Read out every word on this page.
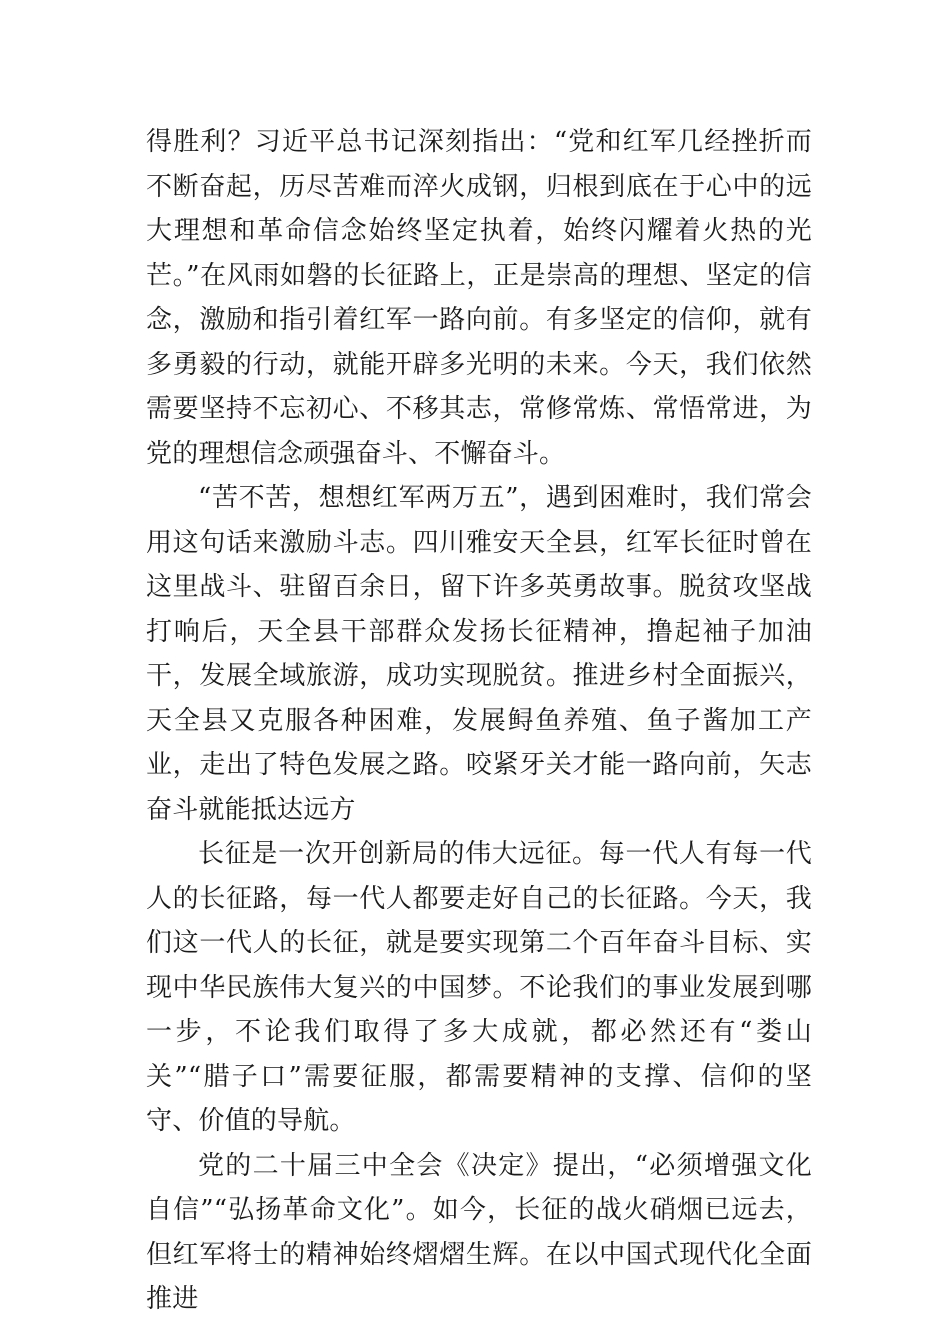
得胜利？习近平总书记深刻指出：“党和红军几经挫折而不断奋起，历尽苦难而淬火成钢，归根到底在于心中的远大理想和革命信念始终坚定执着，始终闪耀着火热的光芒。”在风雨如磐的长征路上，正是崇高的理想、坚定的信念，激励和指引着红军一路向前。有多坚定的信仰，就有多勇毅的行动，就能开辟多光明的未来。今天，我们依然需要坚持不忘初心、不移其志，常修常炼、常悟常进，为党的理想信念顽强奋斗、不懈奋斗。

“苦不苦，想想红军两万五”，遇到困难时，我们常会用这句话来激励斗志。四川雅安天全县，红军长征时曾在这里战斗、驻留百余日，留下许多英勇故事。脱贫攻坚战打响后，天全县干部群众发扬长征精神，撸起袖子加油干，发展全域旅游，成功实现脱贫。推进乡村全面振兴，天全县又克服各种困难，发展鲟鱼养殖、鱼子酱加工产业，走出了特色发展之路。咬紧牙关才能一路向前，矢志奋斗就能抵达远方

长征是一次开创新局的伟大远征。每一代人有每一代人的长征路，每一代人都要走好自己的长征路。今天，我们这一代人的长征，就是要实现第二个百年奋斗目标、实现中华民族伟大复兴的中国梦。不论我们的事业发展到哪一步，不论我们取得了多大成就，都必然还有“娄山关”“腊子口”需要征服，都需要精神的支撑、信仰的坚守、价值的导航。

党的二十届三中全会《决定》提出，“必须增强文化自信”“弘扬革命文化”。如今，长征的战火硝烟已远去，但红军将士的精神始终熠熠生辉。在以中国式现代化全面推进
